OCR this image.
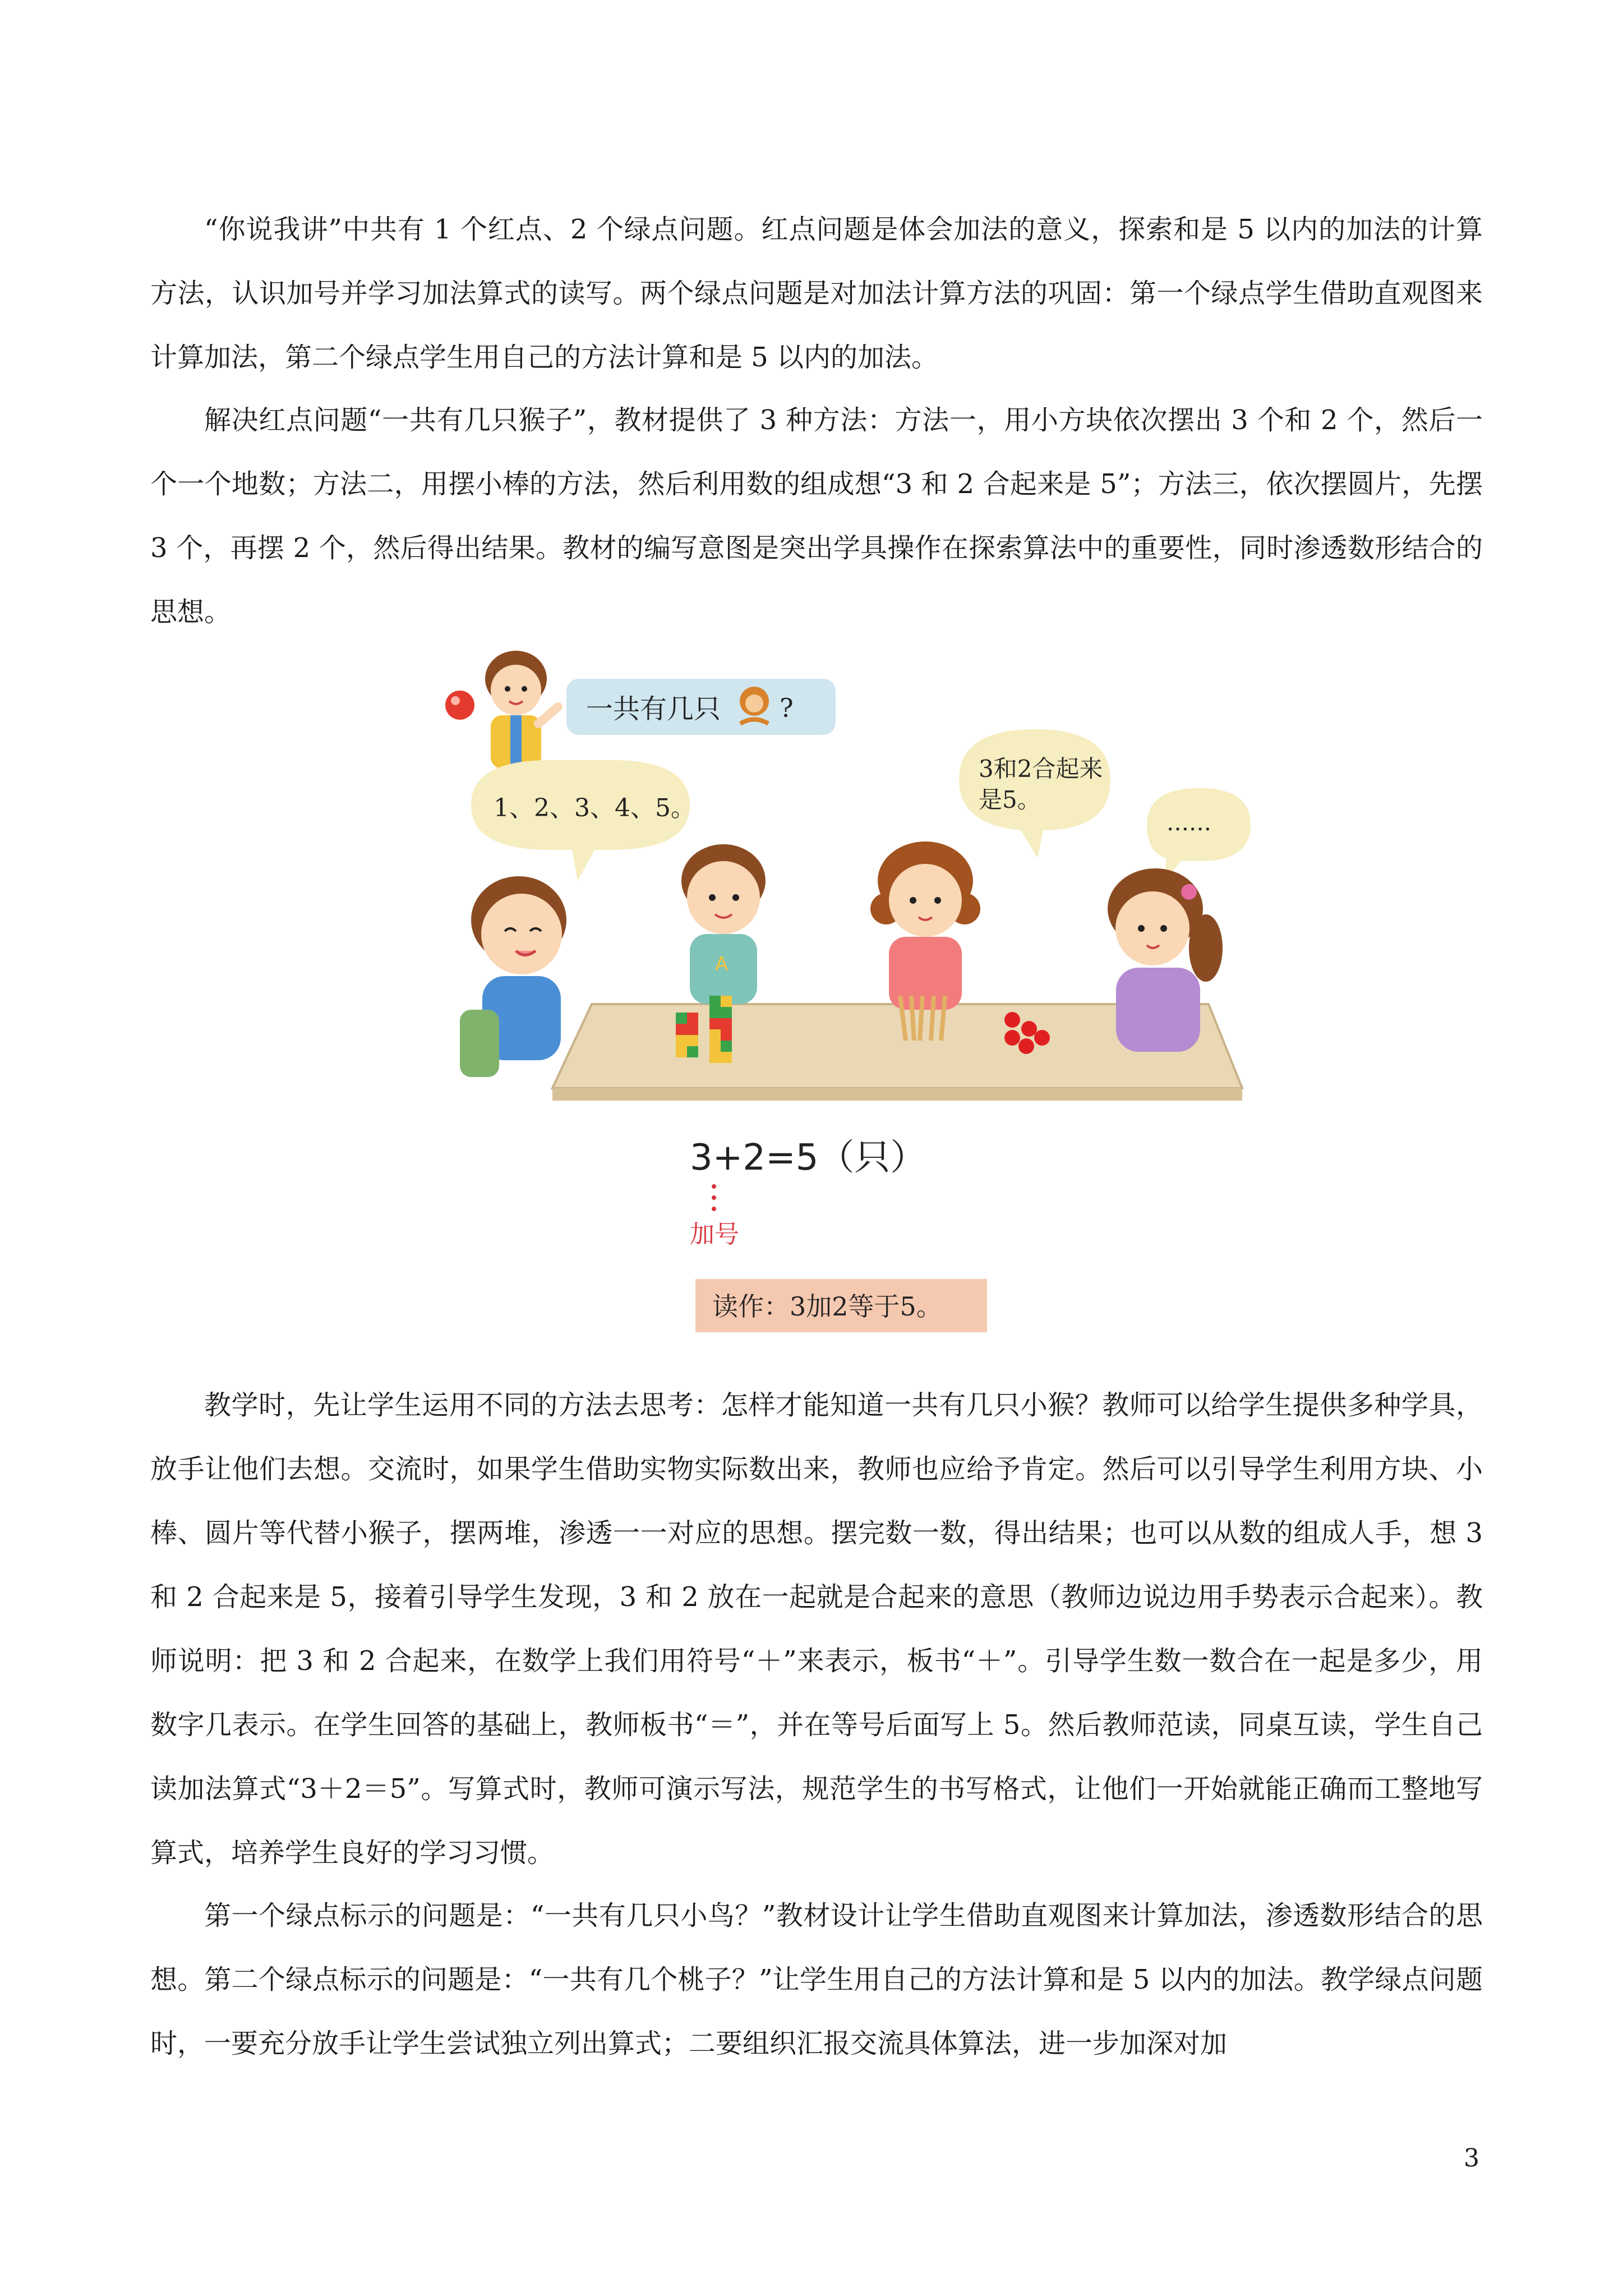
“你说我讲”中共有 1 个红点、2 个绿点问题。红点问题是体会加法的意义，探索和是 5 以内的加法的计算方法，认识加号并学习加法算式的读写。两个绿点问题是对加法计算方法的巩固：第一个绿点学生借助直观图来计算加法，第二个绿点学生用自己的方法计算和是 5 以内的加法。

解决红点问题“一共有几只猴子”，教材提供了 3 种方法：方法一，用小方块依次摆出 3 个和 2 个，然后一个一个地数；方法二，用摆小棒的方法，然后利用数的组成想“3 和 2 合起来是 5”；方法三，依次摆圆片，先摆 3 个，再摆 2 个，然后得出结果。教材的编写意图是突出学具操作在探索算法中的重要性，同时渗透数形结合的思想。

一共有几只 ?
1、2、3、4、5。
3和2合起来
是5。
……
A
3+2=5（只）
加号
读作：3加2等于5。

教学时，先让学生运用不同的方法去思考：怎样才能知道一共有几只小猴？教师可以给学生提供多种学具，放手让他们去想。交流时，如果学生借助实物实际数出来，教师也应给予肯定。然后可以引导学生利用方块、小棒、圆片等代替小猴子，摆两堆，渗透一一对应的思想。摆完数一数，得出结果；也可以从数的组成人手，想 3 和 2 合起来是 5，接着引导学生发现，3 和 2 放在一起就是合起来的意思（教师边说边用手势表示合起来）。教师说明：把 3 和 2 合起来，在数学上我们用符号“＋”来表示，板书“＋”。引导学生数一数合在一起是多少，用数字几表示。在学生回答的基础上，教师板书“＝”，并在等号后面写上 5。然后教师范读，同桌互读，学生自己读加法算式“3＋2＝5”。写算式时，教师可演示写法，规范学生的书写格式，让他们一开始就能正确而工整地写算式，培养学生良好的学习习惯。

第一个绿点标示的问题是：“一共有几只小鸟？”教材设计让学生借助直观图来计算加法，渗透数形结合的思想。第二个绿点标示的问题是：“一共有几个桃子？”让学生用自己的方法计算和是 5 以内的加法。教学绿点问题时，一要充分放手让学生尝试独立列出算式；二要组织汇报交流具体算法，进一步加深对加

3
